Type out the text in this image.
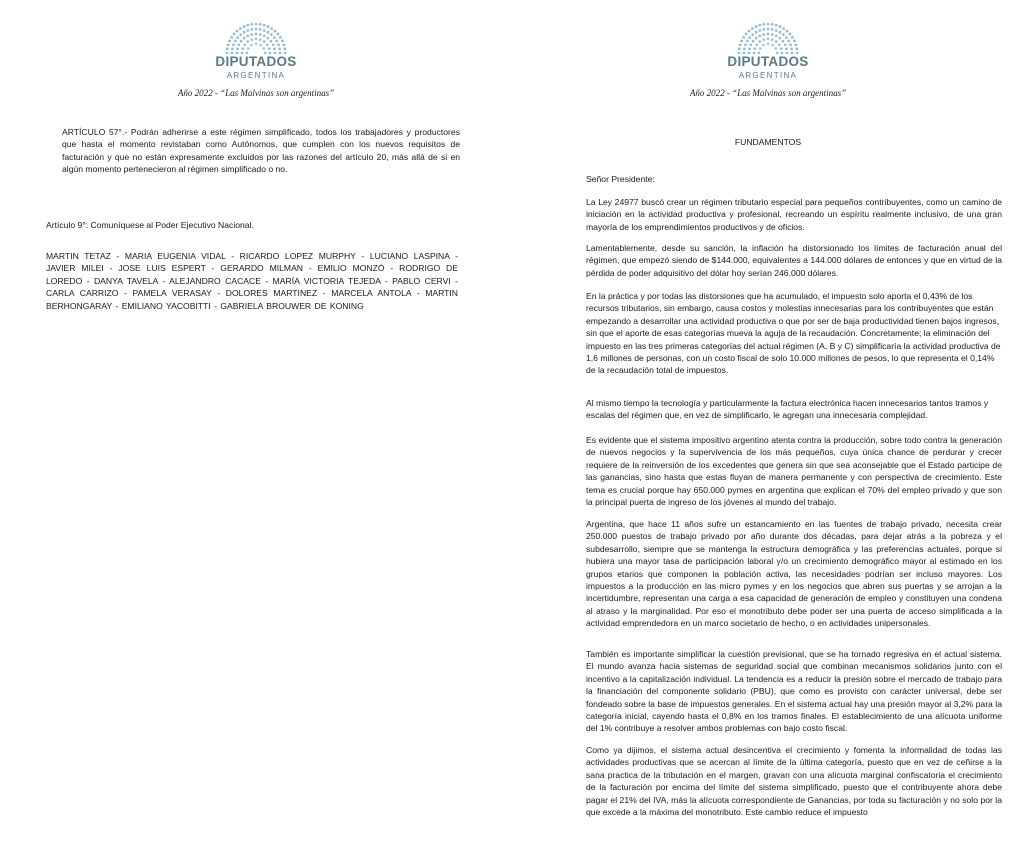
DIPUTADOS
ARGENTINA
Año 2022 - “Las Malvinas son argentinas”
ARTÍCULO 57°.- Podrán adherirse a este régimen simplificado, todos los trabajadores y productores que hasta el momento revistaban como Autónomos, que cumplen con los nuevos requisitos de facturación y que no están expresamente excluidos por las razones del artículo 20, más allá de si en algún momento pertenecieron al régimen simplificado o no.
Artículo 9°: Comuníquese al Poder Ejecutivo Nacional.
MARTIN TETAZ - MARIA EUGENIA VIDAL - RICARDO LOPEZ MURPHY - LUCIANO LASPINA - JAVIER MILEI - JOSE LUIS ESPERT - GERARDO MILMAN - EMILIO MONZÓ - RODRIGO DE LOREDO - DANYA TAVELA - ALEJANDRO CACACE - MARÍA VICTORIA TEJEDA - PABLO CERVI - CARLA CARRIZO - PAMELA VERASAY - DOLORES MARTINEZ - MARCELA ANTOLA - MARTIN BERHONGARAY - EMILIANO YACOBITTI - GABRIELA BROUWER DE KONING
DIPUTADOS
ARGENTINA
Año 2022 - “Las Malvinas son argentinas”
FUNDAMENTOS
Señor Presidente:
La Ley 24977 buscó crear un régimen tributario especial para pequeños contribuyentes, como un camino de iniciación en la actividad productiva y profesional, recreando un espíritu realmente inclusivo, de una gran mayoría de los emprendimientos productivos y de oficios.
Lamentablemente, desde su sanción, la inflación ha distorsionado los límites de facturación anual del régimen, que empezó siendo de $144.000, equivalentes a 144.000 dólares de entonces y que en virtud de la pérdida de poder adquisitivo del dólar hoy serían 246.000 dólares.
En la práctica y por todas las distorsiones que ha acumulado, el impuesto solo aporta el 0,43% de los recursos tributarios, sin embargo, causa costos y molestias innecesarias para los contribuyentes que están
empezando a desarrollar una actividad productiva o que por ser de baja productividad tienen bajos ingresos, sin que el aporte de esas categorías mueva la aguja de la recaudación. Concretamente; la eliminación del impuesto en las tres primeras categorías del actual régimen (A, B y C) simplificaría la actividad productiva de 1,6 millones de personas, con un costo fiscal de solo 10.000 millones de pesos, lo que representa el 0,14% de la recaudación total de impuestos.
Al mismo tiempo la tecnología y particularmente la factura electrónica hacen innecesarios tantos tramos y escalas del régimen que, en vez de simplificarlo, le agregan una innecesaria complejidad.
Es evidente que el sistema impositivo argentino atenta contra la producción, sobre todo contra la generación de nuevos negocios y la supervivencia de los más pequeños, cuya única chance de perdurar y crecer requiere de la reinversión de los excedentes que genera sin que sea aconsejable que el Estado participe de las ganancias, sino hasta que estas fluyan de manera permanente y con perspectiva de crecimiento. Este tema es crucial porque hay 650.000 pymes en argentina que explican el 70% del empleo privado y que son la principal puerta de ingreso de los jóvenes al mundo del trabajo.
Argentina, que hace 11 años sufre un estancamiento en las fuentes de trabajo privado, necesita crear 250.000 puestos de trabajo privado por año durante dos décadas, para dejar atrás a la pobreza y el subdesarrollo, siempre que se mantenga la estructura demográfica y las preferencias actuales, porque si hubiera una mayor tasa de participación laboral y/o un crecimiento demográfico mayor al estimado en los grupos etarios que componen la población activa, las necesidades podrían ser incluso mayores. Los impuestos a la producción en las micro pymes y en los negocios que abren sus puertas y se arrojan a la incertidumbre, representan una carga a esa capacidad de generación de empleo y constituyen una condena al atraso y la marginalidad. Por eso el monotributo debe poder ser una puerta de acceso simplificada a la actividad emprendedora en un marco societario de hecho, o en actividades unipersonales.
También es importante simplificar la cuestión previsional, que se ha tornado regresiva en el actual sistema. El mundo avanza hacia sistemas de seguridad social que combinan mecanismos solidarios junto con el incentivo a la capitalización individual. La tendencia es a reducir la presión sobre el mercado de trabajo para la financiación del componente solidario (PBU), que como es provisto con carácter universal, debe ser fondeado sobre la base de impuestos generales. En el sistema actual hay una presión mayor al 3,2% para la categoría inicial, cayendo hasta el 0,8% en los tramos finales. El establecimiento de una alícuota uniforme del 1% contribuye a resolver ambos problemas con bajo costo fiscal.
Como ya dijimos, el sistema actual desincentiva el crecimiento y fomenta la informalidad de todas las actividades productivas que se acercan al límite de la última categoría, puesto que en vez de ceñirse a la sana practica de la tributación en el margen, gravan con una alícuota marginal confiscatoria el crecimiento de la facturación por encima del límite del sistema simplificado, puesto que el contribuyente ahora debe pagar el 21% del IVA, más la alícuota correspondiente de Ganancias, por toda su facturación y no solo por la que excede a la máxima del monotributo. Este cambio reduce el impuesto
